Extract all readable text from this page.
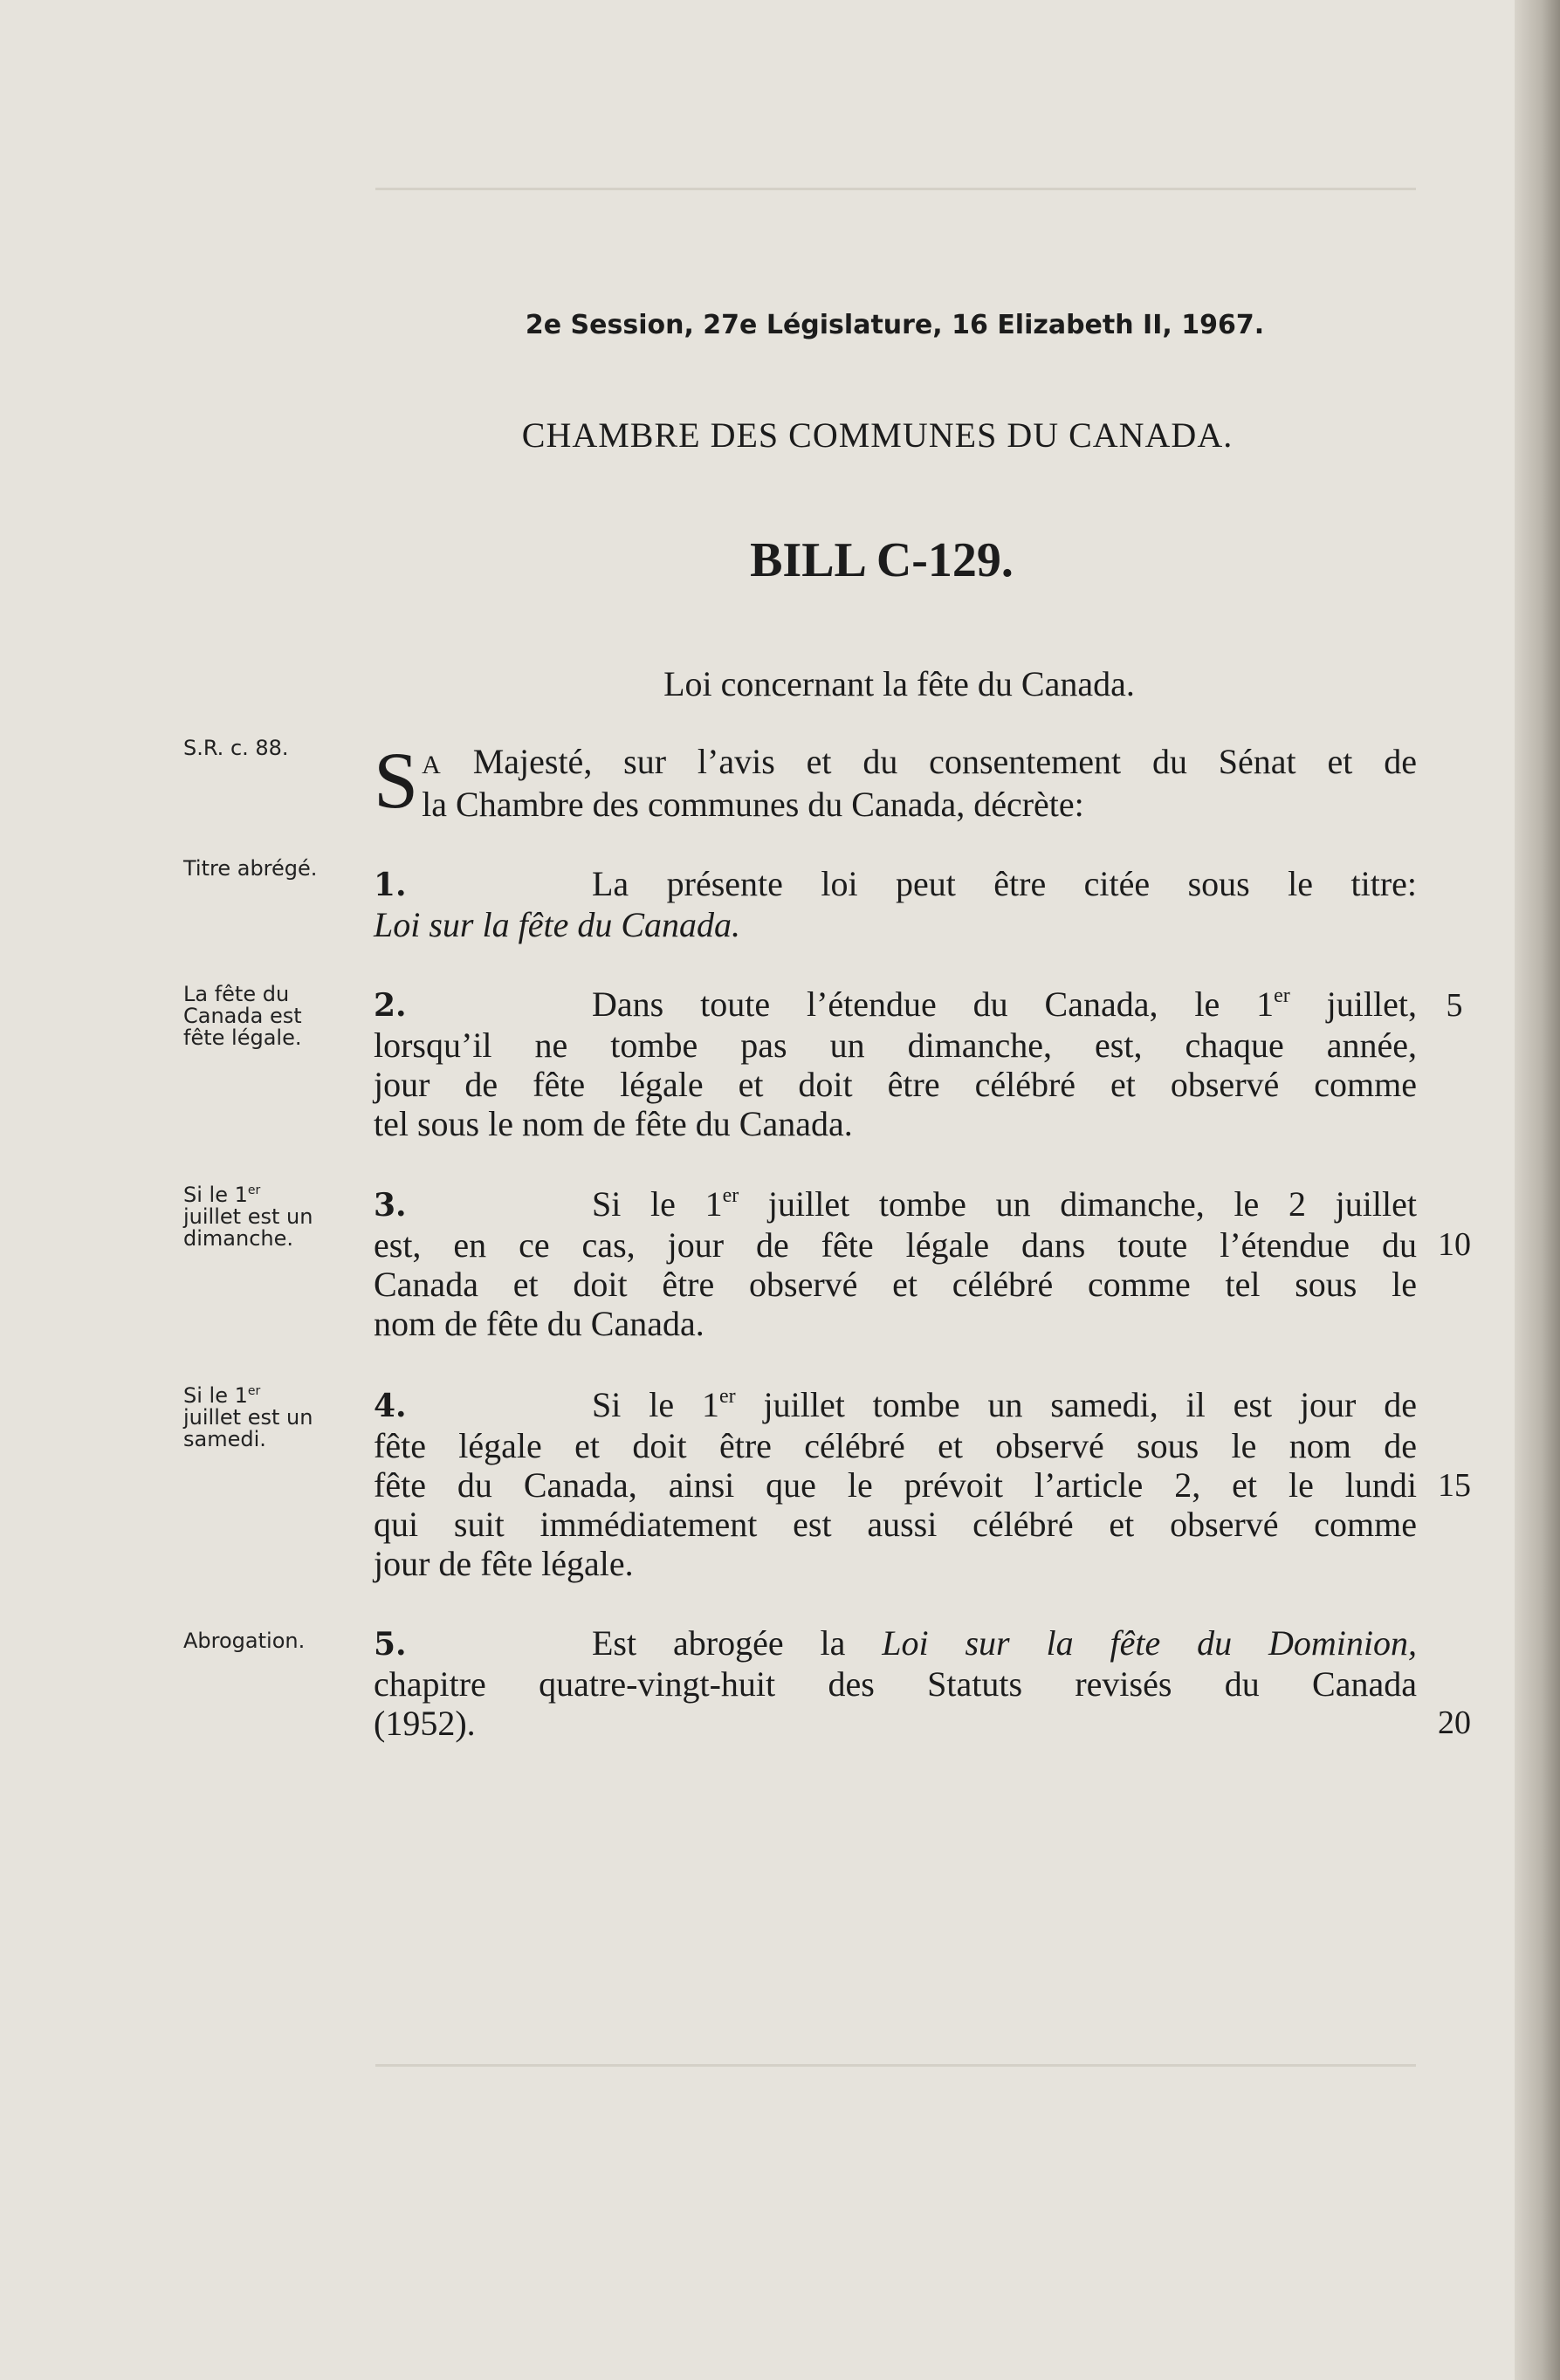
2e Session, 27e Législature, 16 Elizabeth II, 1967.
CHAMBRE DES COMMUNES DU CANADA.
BILL C-129.
Loi concernant la fête du Canada.
S.R. c. 88.
Titre abrégé.
La fête du
Canada est
fête légale.
Si le 1er
juillet est un
dimanche.
Si le 1er
juillet est un
samedi.
Abrogation.
S A Majesté, sur l’avis et du consentement du Sénat et de
la Chambre des communes du Canada, décrète:
1.	La présente loi peut être citée sous le titre:
Loi sur la fête du Canada.
2.	Dans toute l’étendue du Canada, le 1er juillet,
lorsqu’il ne tombe pas un dimanche, est, chaque année,
jour de fête légale et doit être célébré et observé comme
tel sous le nom de fête du Canada.
3.	Si le 1er juillet tombe un dimanche, le 2 juillet
est, en ce cas, jour de fête légale dans toute l’étendue du
Canada et doit être observé et célébré comme tel sous le
nom de fête du Canada.
4.	Si le 1er juillet tombe un samedi, il est jour de
fête légale et doit être célébré et observé sous le nom de
fête du Canada, ainsi que le prévoit l’article 2, et le lundi
qui suit immédiatement est aussi célébré et observé comme
jour de fête légale.
5.	Est abrogée la Loi sur la fête du Dominion,
chapitre quatre-vingt-huit des Statuts revisés du Canada
(1952).
5
10
15
20
